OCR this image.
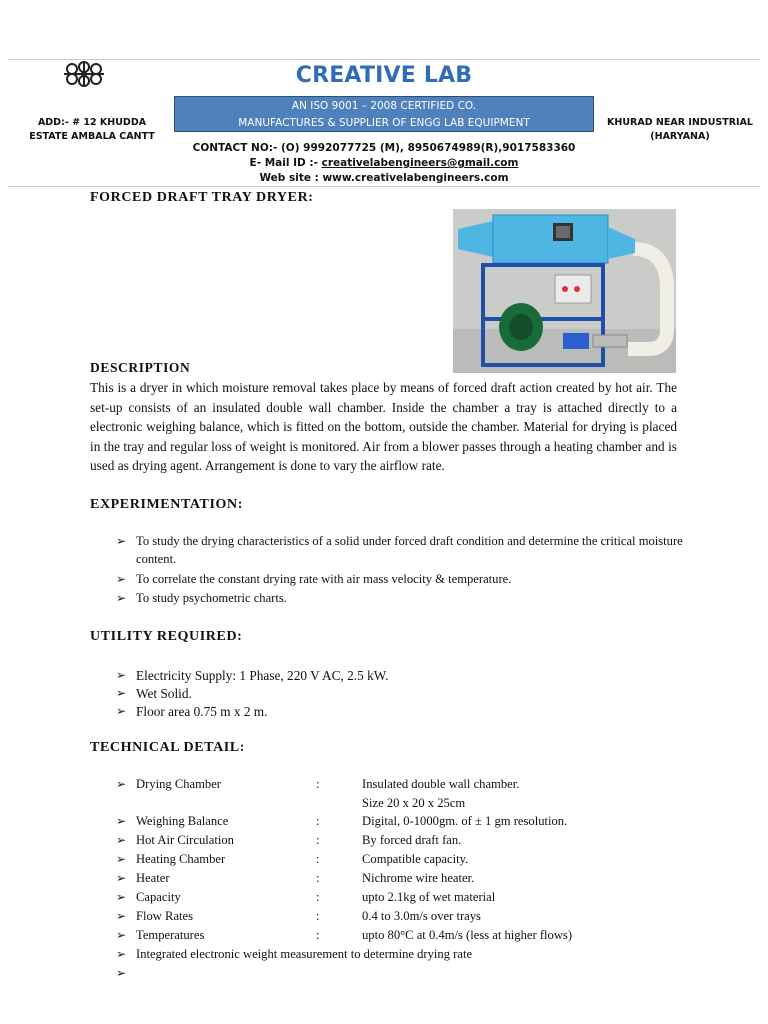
CREATIVE LAB
AN ISO 9001 – 2008 CERTIFIED CO.
MANUFACTURES & SUPPLIER OF ENGG LAB EQUIPMENT
ADD:- # 12 KHUDDA
ESTATE AMBALA CANTT
KHURAD NEAR INDUSTRIAL
(HARYANA)
CONTACT NO:- (O) 9992077725 (M), 8950674989(R),9017583360
E- Mail ID :- creativelabengineers@gmail.com
Web site : www.creativelabengineers.com
FORCED DRAFT TRAY DRYER:
DESCRIPTION
This is a dryer in which moisture removal takes place by means of forced draft action created by hot air. The set-up consists of an insulated double wall chamber. Inside the chamber a tray is attached directly to a electronic weighing balance, which is fitted on the bottom, outside the chamber. Material for drying is placed in the tray and regular loss of weight is monitored. Air from a blower passes through a heating chamber and is used as drying agent. Arrangement is done to vary the airflow rate.
EXPERIMENTATION:
➢ To study the drying characteristics of a solid under forced draft condition and determine the critical moisture content.
➢ To correlate the constant drying rate with air mass velocity & temperature.
➢ To study psychometric charts.
UTILITY REQUIRED:
➢ Electricity Supply: 1 Phase, 220 V AC, 2.5 kW.
➢ Wet Solid.
➢ Floor area 0.75 m x 2 m.
TECHNICAL DETAIL:
➢ Drying Chamber	:	Insulated double wall chamber.
Size 20 x 20 x 25cm
➢ Weighing Balance	:	Digital, 0-1000gm. of ± 1 gm resolution.
➢ Hot Air Circulation	:	By forced draft fan.
➢ Heating Chamber	:	Compatible capacity.
➢ Heater	:	Nichrome wire heater.
➢ Capacity	:	upto 2.1kg of wet material
➢ Flow Rates	:	0.4 to 3.0m/s over trays
➢ Temperatures	:	upto 80°C at 0.4m/s (less at higher flows)
➢ Integrated electronic weight measurement to determine drying rate
➢
